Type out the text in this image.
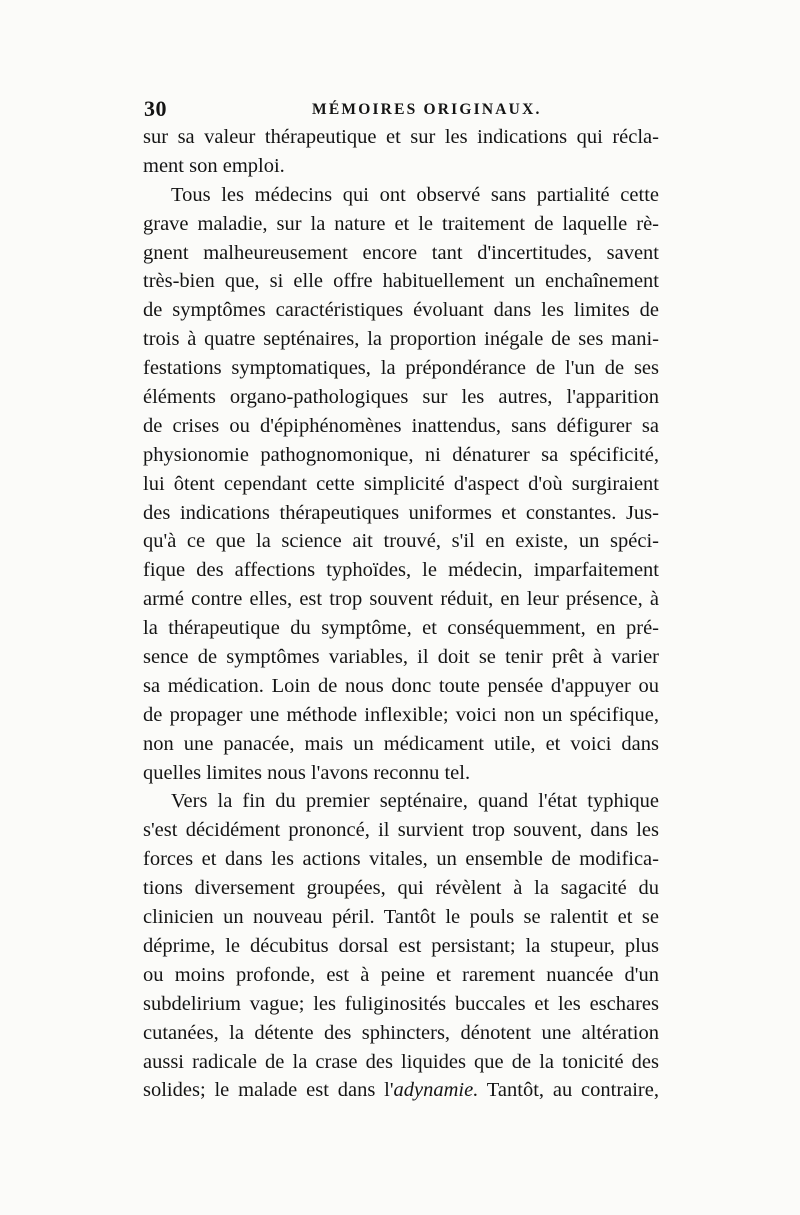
30	MÉMOIRES ORIGINAUX.
sur sa valeur thérapeutique et sur les indications qui récla-
ment son emploi.
Tous les médecins qui ont observé sans partialité cette
grave maladie, sur la nature et le traitement de laquelle rè-
gnent malheureusement encore tant d'incertitudes, savent
très-bien que, si elle offre habituellement un enchaînement
de symptômes caractéristiques évoluant dans les limites de
trois à quatre septénaires, la proportion inégale de ses mani-
festations symptomatiques, la prépondérance de l'un de ses
éléments organo-pathologiques sur les autres, l'apparition
de crises ou d'épiphénomènes inattendus, sans défigurer sa
physionomie pathognomonique, ni dénaturer sa spécificité,
lui ôtent cependant cette simplicité d'aspect d'où surgiraient
des indications thérapeutiques uniformes et constantes. Jus-
qu'à ce que la science ait trouvé, s'il en existe, un spéci-
fique des affections typhoïdes, le médecin, imparfaitement
armé contre elles, est trop souvent réduit, en leur présence, à
la thérapeutique du symptôme, et conséquemment, en pré-
sence de symptômes variables, il doit se tenir prêt à varier
sa médication. Loin de nous donc toute pensée d'appuyer ou
de propager une méthode inflexible; voici non un spécifique,
non une panacée, mais un médicament utile, et voici dans
quelles limites nous l'avons reconnu tel.
Vers la fin du premier septénaire, quand l'état typhique
s'est décidément prononcé, il survient trop souvent, dans les
forces et dans les actions vitales, un ensemble de modifica-
tions diversement groupées, qui révèlent à la sagacité du
clinicien un nouveau péril. Tantôt le pouls se ralentit et se
déprime, le décubitus dorsal est persistant; la stupeur, plus
ou moins profonde, est à peine et rarement nuancée d'un
subdelirium vague; les fuliginosités buccales et les eschares
cutanées, la détente des sphincters, dénotent une altération
aussi radicale de la crase des liquides que de la tonicité des
solides; le malade est dans l'adynamie. Tantôt, au contraire,
